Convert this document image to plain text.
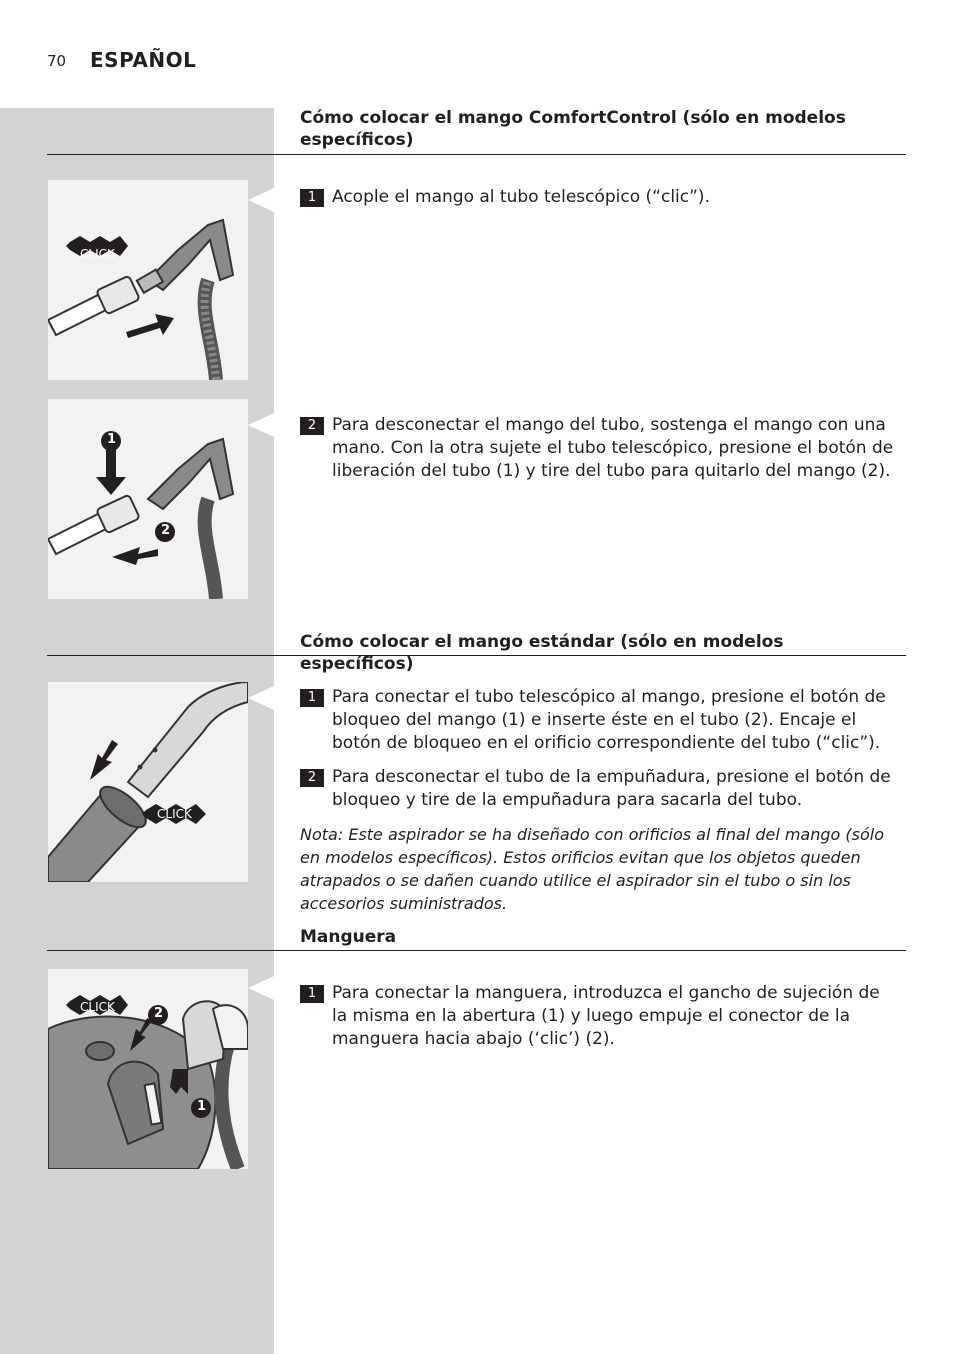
70 ESPAÑOL
Cómo colocar el mango ComfortControl (sólo en modelos específicos)
CLICK
1 Acople el mango al tubo telescópico (“clic”).
1
2
2 Para desconectar el mango del tubo, sostenga el mango con una mano. Con la otra sujete el tubo telescópico, presione el botón de liberación del tubo (1) y tire del tubo para quitarlo del mango (2).
Cómo colocar el mango estándar (sólo en modelos específicos)
CLICK
1 Para conectar el tubo telescópico al mango, presione el botón de bloqueo del mango (1) e inserte éste en el tubo (2). Encaje el botón de bloqueo en el orificio correspondiente del tubo (“clic”).
2 Para desconectar el tubo de la empuñadura, presione el botón de bloqueo y tire de la empuñadura para sacarla del tubo.
Nota: Este aspirador se ha diseñado con orificios al final del mango (sólo en modelos específicos). Estos orificios evitan que los objetos queden atrapados o se dañen cuando utilice el aspirador sin el tubo o sin los accesorios suministrados.
Manguera
CLICK	2
1
1 Para conectar la manguera, introduzca el gancho de sujeción de la misma en la abertura (1) y luego empuje el conector de la manguera hacia abajo (‘clic’) (2).
